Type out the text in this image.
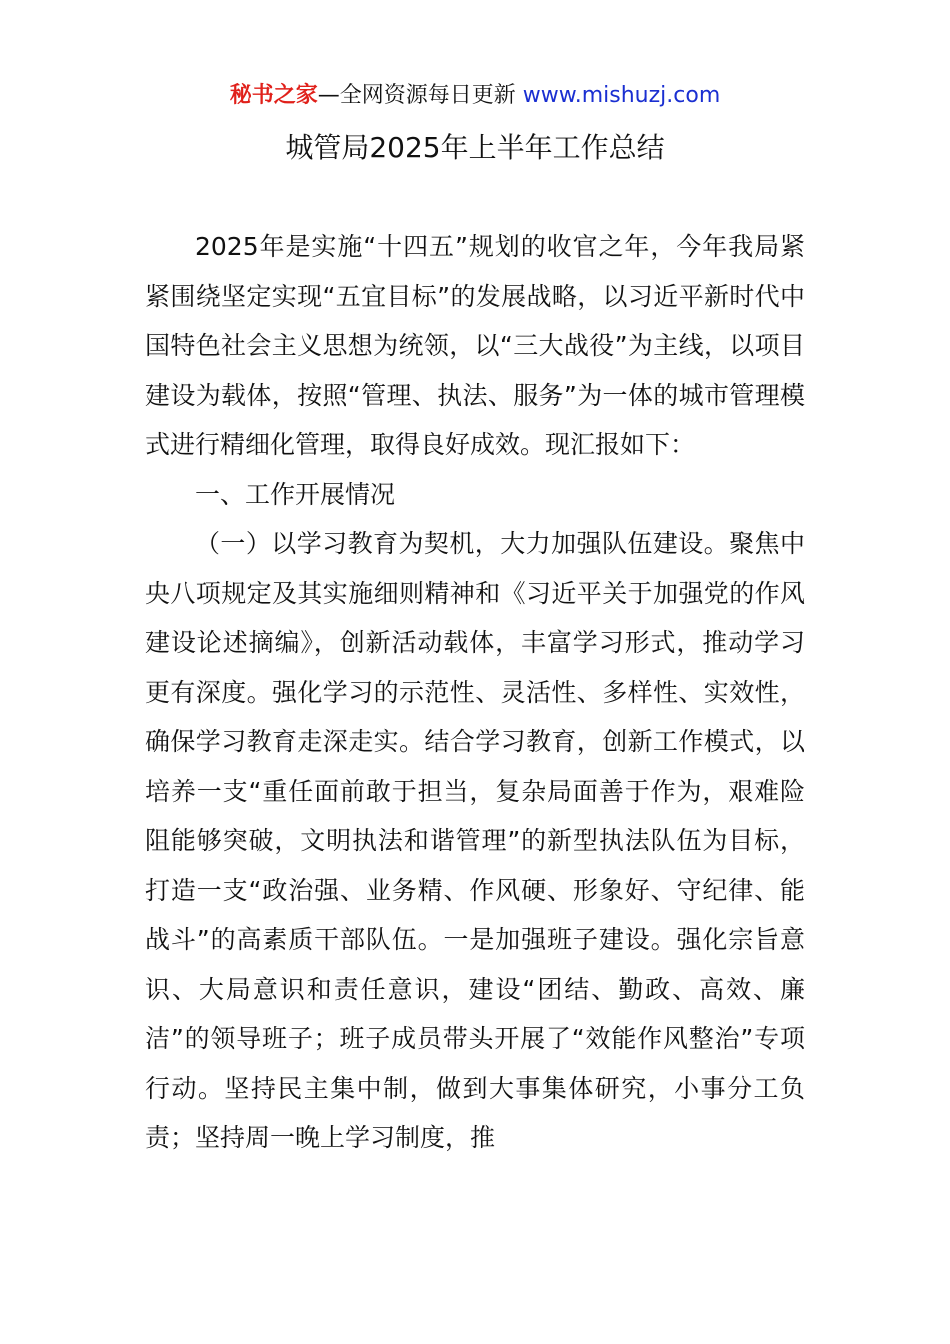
秘书之家—全网资源每日更新 www.mishuzj.com
城管局2025年上半年工作总结

2025年是实施“十四五”规划的收官之年，今年我局紧紧围绕坚定实现“五宜目标”的发展战略，以习近平新时代中国特色社会主义思想为统领，以“三大战役”为主线，以项目建设为载体，按照“管理、执法、服务”为一体的城市管理模式进行精细化管理，取得良好成效。现汇报如下：

一、工作开展情况

（一）以学习教育为契机，大力加强队伍建设。聚焦中央八项规定及其实施细则精神和《习近平关于加强党的作风建设论述摘编》，创新活动载体，丰富学习形式，推动学习更有深度。强化学习的示范性、灵活性、多样性、实效性，确保学习教育走深走实。结合学习教育，创新工作模式，以培养一支“重任面前敢于担当，复杂局面善于作为，艰难险阻能够突破，文明执法和谐管理”的新型执法队伍为目标，打造一支“政治强、业务精、作风硬、形象好、守纪律、能战斗”的高素质干部队伍。一是加强班子建设。强化宗旨意识、大局意识和责任意识，建设“团结、勤政、高效、廉洁”的领导班子；班子成员带头开展了“效能作风整治”专项行动。坚持民主集中制，做到大事集体研究，小事分工负责；坚持周一晚上学习制度，推
